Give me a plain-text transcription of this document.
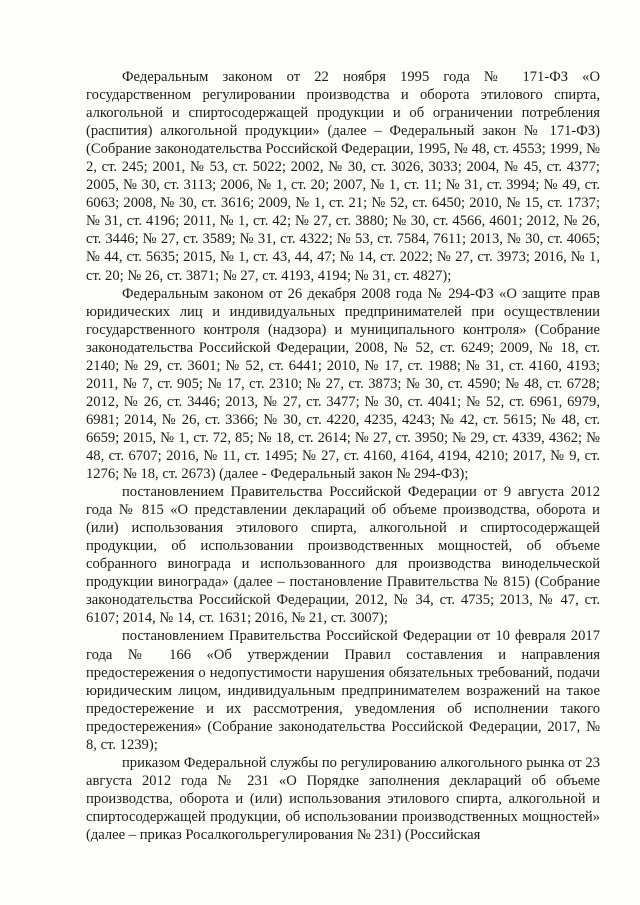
Федеральным законом от 22 ноября 1995 года № 171-ФЗ «О государственном регулировании производства и оборота этилового спирта, алкогольной и спиртосодержащей продукции и об ограничении потребления (распития) алкогольной продукции» (далее – Федеральный закон № 171-ФЗ) (Собрание законодательства Российской Федерации, 1995, № 48, ст. 4553; 1999, № 2, ст. 245; 2001, № 53, ст. 5022; 2002, № 30, ст. 3026, 3033; 2004, № 45, ст. 4377; 2005, № 30, ст. 3113; 2006, № 1, ст. 20; 2007, № 1, ст. 11; № 31, ст. 3994; № 49, ст. 6063; 2008, № 30, ст. 3616; 2009, № 1, ст. 21; № 52, ст. 6450; 2010, № 15, ст. 1737; № 31, ст. 4196; 2011, № 1, ст. 42; № 27, ст. 3880; № 30, ст. 4566, 4601; 2012, № 26, ст. 3446; № 27, ст. 3589; № 31, ст. 4322; № 53, ст. 7584, 7611; 2013, № 30, ст. 4065; № 44, ст. 5635; 2015, № 1, ст. 43, 44, 47; № 14, ст. 2022; № 27, ст. 3973; 2016, № 1, ст. 20; № 26, ст. 3871; № 27, ст. 4193, 4194; № 31, ст. 4827);

Федеральным законом от 26 декабря 2008 года № 294-ФЗ «О защите прав юридических лиц и индивидуальных предпринимателей при осуществлении государственного контроля (надзора) и муниципального контроля» (Собрание законодательства Российской Федерации, 2008, № 52, ст. 6249; 2009, № 18, ст. 2140; № 29, ст. 3601; № 52, ст. 6441; 2010, № 17, ст. 1988; № 31, ст. 4160, 4193; 2011, № 7, ст. 905; № 17, ст. 2310; № 27, ст. 3873; № 30, ст. 4590; № 48, ст. 6728; 2012, № 26, ст. 3446; 2013, № 27, ст. 3477; № 30, ст. 4041; № 52, ст. 6961, 6979, 6981; 2014, № 26, ст. 3366; № 30, ст. 4220, 4235, 4243; № 42, ст. 5615; № 48, ст. 6659; 2015, № 1, ст. 72, 85; № 18, ст. 2614; № 27, ст. 3950; № 29, ст. 4339, 4362; № 48, ст. 6707; 2016, № 11, ст. 1495; № 27, ст. 4160, 4164, 4194, 4210; 2017, № 9, ст. 1276; № 18, ст. 2673) (далее - Федеральный закон № 294-ФЗ);

постановлением Правительства Российской Федерации от 9 августа 2012 года № 815 «О представлении деклараций об объеме производства, оборота и (или) использования этилового спирта, алкогольной и спиртосодержащей продукции, об использовании производственных мощностей, об объеме собранного винограда и использованного для производства винодельческой продукции винограда» (далее – постановление Правительства № 815) (Собрание законодательства Российской Федерации, 2012, № 34, ст. 4735; 2013, № 47, ст. 6107; 2014, № 14, ст. 1631; 2016, № 21, ст. 3007);

постановлением Правительства Российской Федерации от 10 февраля 2017 года № 166 «Об утверждении Правил составления и направления предостережения о недопустимости нарушения обязательных требований, подачи юридическим лицом, индивидуальным предпринимателем возражений на такое предостережение и их рассмотрения, уведомления об исполнении такого предостережения» (Собрание законодательства Российской Федерации, 2017, № 8, ст. 1239);

приказом Федеральной службы по регулированию алкогольного рынка от 23 августа 2012 года № 231 «О Порядке заполнения деклараций об объеме производства, оборота и (или) использования этилового спирта, алкогольной и спиртосодержащей продукции, об использовании производственных мощностей» (далее – приказ Росалкогольрегулирования № 231) (Российская
